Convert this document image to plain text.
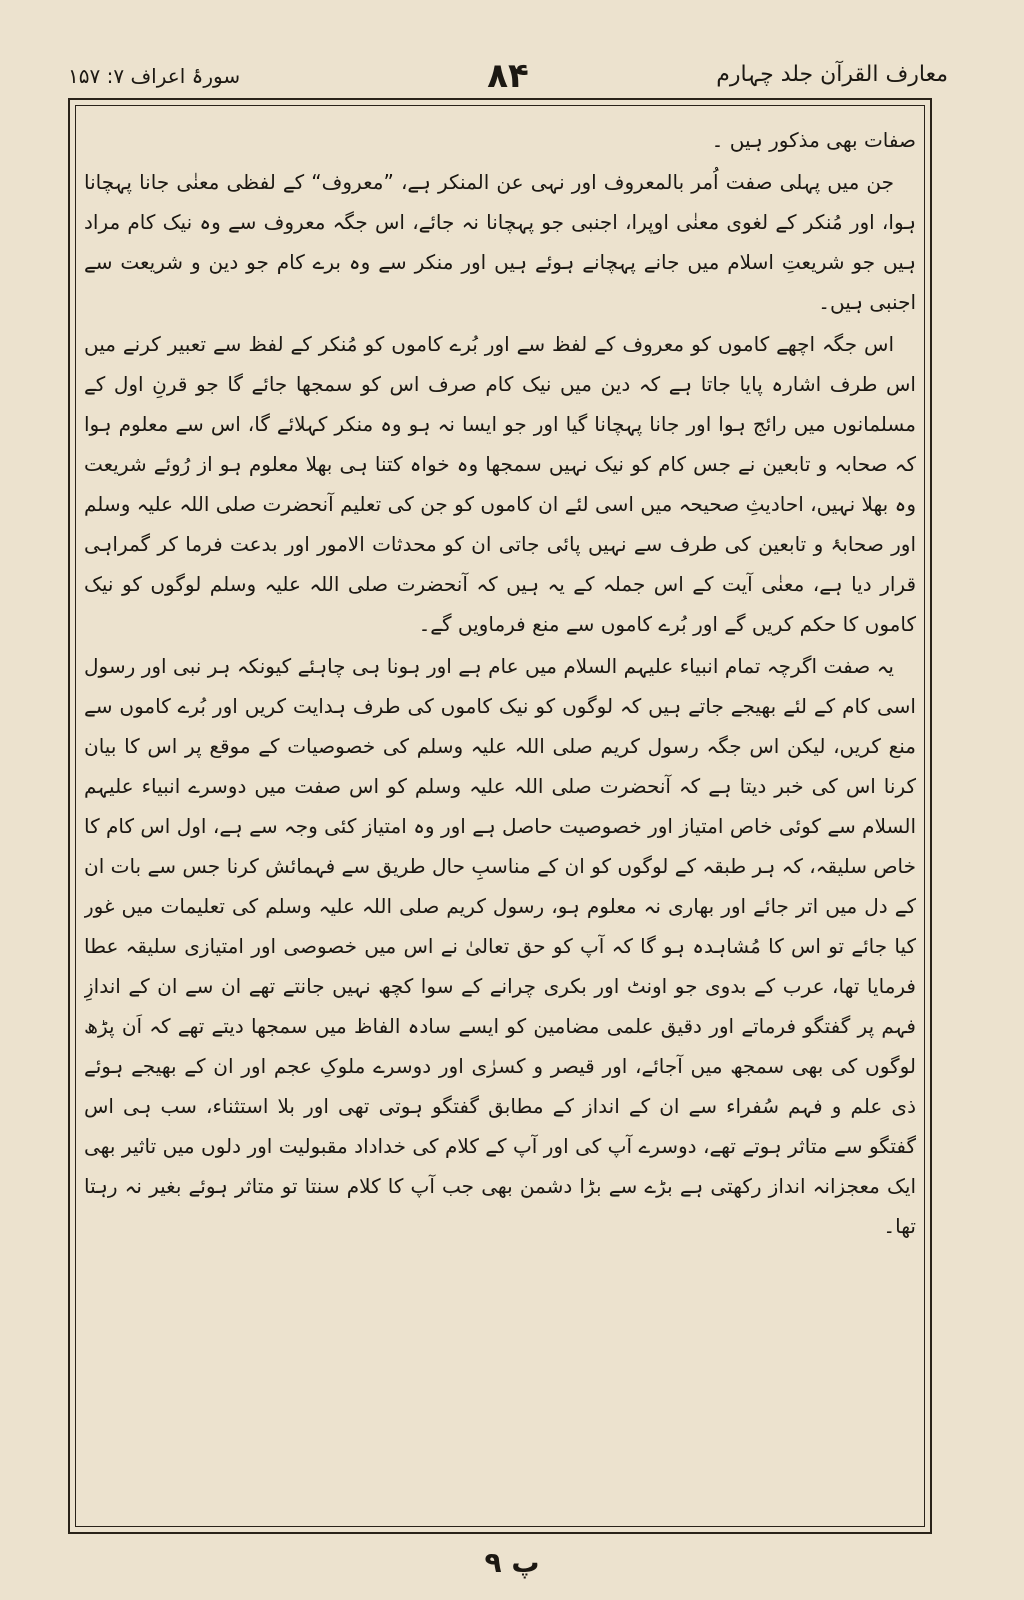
معارف القرآن جلد چہارم
۸۴
سورۂ اعراف ۷: ۱۵۷

صفات بھی مذکور ہیں ۔

جن میں پہلی صفت اُمر بالمعروف اور نہی عن المنکر ہے، ”معروف“ کے لفظی معنٰی جانا پہچانا ہوا، اور مُنکر کے لغوی معنٰی اوپرا، اجنبی جو پہچانا نہ جائے، اس جگہ معروف سے وہ نیک کام مراد ہیں جو شریعتِ اسلام میں جانے پہچانے ہوئے ہیں اور منکر سے وہ برے کام جو دین و شریعت سے اجنبی ہیں۔

اس جگہ اچھے کاموں کو معروف کے لفظ سے اور بُرے کاموں کو مُنکر کے لفظ سے تعبیر کرنے میں اس طرف اشارہ پایا جاتا ہے کہ دین میں نیک کام صرف اس کو سمجھا جائے گا جو قرنِ اول کے مسلمانوں میں رائج ہوا اور جانا پہچانا گیا اور جو ایسا نہ ہو وہ منکر کہلائے گا، اس سے معلوم ہوا کہ صحابہ و تابعین نے جس کام کو نیک نہیں سمجھا وہ خواہ کتنا ہی بھلا معلوم ہو از رُوئے شریعت وہ بھلا نہیں، احادیثِ صحیحہ میں اسی لئے ان کاموں کو جن کی تعلیم آنحضرت صلی اللہ علیہ وسلم اور صحابۂ و تابعین کی طرف سے نہیں پائی جاتی ان کو محدثات الامور اور بدعت فرما کر گمراہی قرار دیا ہے، معنٰی آیت کے اس جملہ کے یہ ہیں کہ آنحضرت صلی اللہ علیہ وسلم لوگوں کو نیک کاموں کا حکم کریں گے اور بُرے کاموں سے منع فرماویں گے۔

یہ صفت اگرچہ تمام انبیاء علیہم السلام میں عام ہے اور ہونا ہی چاہئے کیونکہ ہر نبی اور رسول اسی کام کے لئے بھیجے جاتے ہیں کہ لوگوں کو نیک کاموں کی طرف ہدایت کریں اور بُرے کاموں سے منع کریں، لیکن اس جگہ رسول کریم صلی اللہ علیہ وسلم کی خصوصیات کے موقع پر اس کا بیان کرنا اس کی خبر دیتا ہے کہ آنحضرت صلی اللہ علیہ وسلم کو اس صفت میں دوسرے انبیاء علیہم السلام سے کوئی خاص امتیاز اور خصوصیت حاصل ہے اور وہ امتیاز کئی وجہ سے ہے، اول اس کام کا خاص سلیقہ، کہ ہر طبقہ کے لوگوں کو ان کے مناسبِ حال طریق سے فہمائش کرنا جس سے بات ان کے دل میں اتر جائے اور بھاری نہ معلوم ہو، رسول کریم صلی اللہ علیہ وسلم کی تعلیمات میں غور کیا جائے تو اس کا مُشاہدہ ہو گا کہ آپ کو حق تعالیٰ نے اس میں خصوصی اور امتیازی سلیقہ عطا فرمایا تھا، عرب کے بدوی جو اونٹ اور بکری چرانے کے سوا کچھ نہیں جانتے تھے ان سے ان کے اندازِ فہم پر گفتگو فرماتے اور دقیق علمی مضامین کو ایسے سادہ الفاظ میں سمجھا دیتے تھے کہ اَن پڑھ لوگوں کی بھی سمجھ میں آجائے، اور قیصر و کسرٰی اور دوسرے ملوکِ عجم اور ان کے بھیجے ہوئے ذی علم و فہم سُفراء سے ان کے انداز کے مطابق گفتگو ہوتی تھی اور بلا استثناء، سب ہی اس گفتگو سے متاثر ہوتے تھے، دوسرے آپ کی اور آپ کے کلام کی خداداد مقبولیت اور دلوں میں تاثیر بھی ایک معجزانہ انداز رکھتی ہے بڑے سے بڑا دشمن بھی جب آپ کا کلام سنتا تو متاثر ہوئے بغیر نہ رہتا تھا۔

پ ۹
